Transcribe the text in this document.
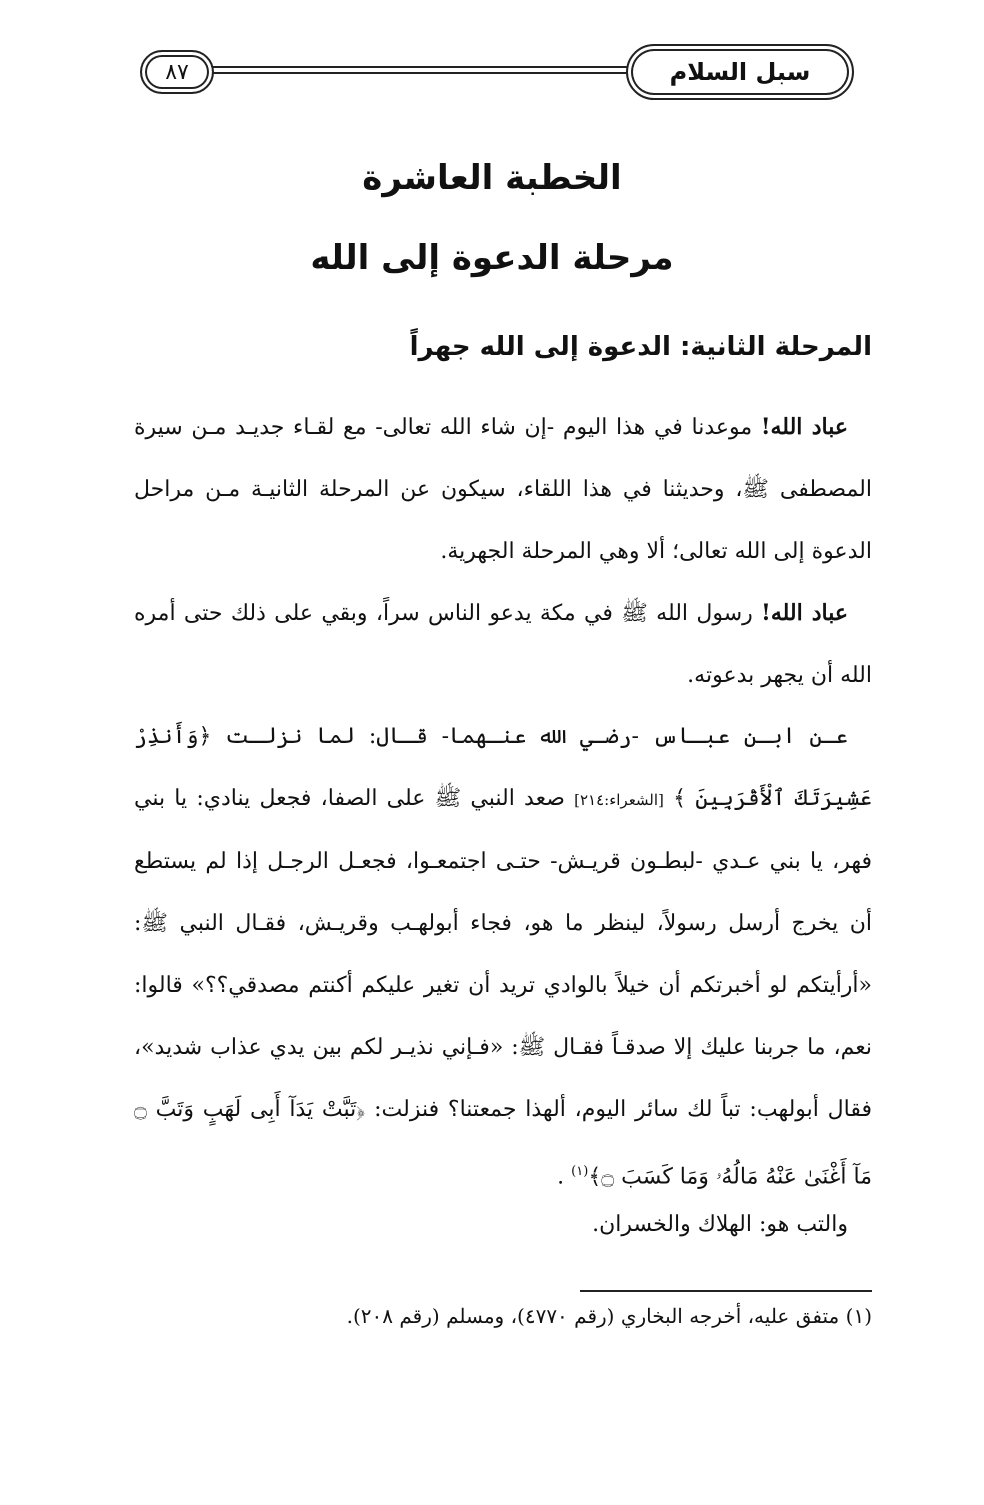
سبل السلام
٨٧
الخطبة العاشرة
مرحلة الدعوة إلى الله
المرحلة الثانية: الدعوة إلى الله جهراً
عباد الله! موعدنا في هذا اليوم -إن شاء الله تعالى- مع لقـاء جديـد مـن سيرة المصطفى ﷺ، وحديثنا في هذا اللقاء، سيكون عن المرحلة الثانيـة مـن مراحل الدعوة إلى الله تعالى؛ ألا وهي المرحلة الجهرية.
عباد الله! رسول الله ﷺ في مكة يدعو الناس سراً، وبقي على ذلك حتى أمره الله أن يجهر بدعوته.
عـن ابـن عبـاس -رضـي الله عنـهما- قـال: لما نزلـت ﴿وَأَنذِرْ عَشِيرَتَكَ ٱلْأَقْرَبِينَ ﴾ [الشعراء:٢١٤] صعد النبي ﷺ على الصفا، فجعل ينادي: يا بني فهر، يا بني عـدي -لبطـون قريـش- حتـى اجتمعـوا، فجعـل الرجـل إذا لم يستطع أن يخرج أرسل رسولاً، لينظر ما هو، فجاء أبولهـب وقريـش، فقـال النبي ﷺ: «أرأيتكم لو أخبرتكم أن خيلاً بالوادي تريد أن تغير عليكم أكنتم مصدقي؟؟» قالوا: نعم، ما جربنا عليك إلا صدقـاً فقـال ﷺ: «فـإني نذيـر لكم بين يدي عذاب شديد»، فقال أبولهب: تباً لك سائر اليوم، ألهذا جمعتنا؟ فنزلت: ﴿تَبَّتْ يَدَآ أَبِى لَهَبٍ وَتَبَّ ۝ مَآ أَغْنَىٰ عَنْهُ مَالُهُۥ وَمَا كَسَبَ ۝﴾$^{(١)}$ .
والتب هو: الهلاك والخسران.
(١) متفق عليه، أخرجه البخاري (رقم ٤٧٧٠)، ومسلم (رقم ٢٠٨).
